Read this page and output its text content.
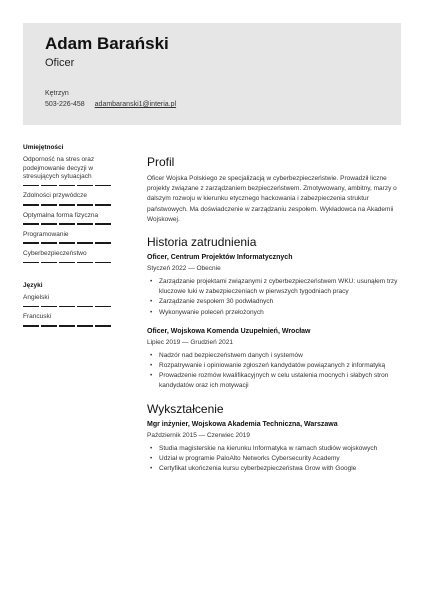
Adam Barański
Oficer
Kętrzyn
503-226-458 adambaranski1@interia.pl
Umiejętności
Odporność na stres oraz podejmowanie decyzji w stresujących sytuacjach
Zdolności przywódcze
Optymalna forma fizyczna
Programowanie
Cyberbezpieczeństwo
Języki
Angielski
Francuski
Profil
Oficer Wojska Polskiego ze specjalizacją w cyberbezpieczeństwie. Prowadził liczne projekty związane z zarządzaniem bezpieczeństwem. Zmotywowany, ambitny, marzy o dalszym rozwoju w kierunku etycznego hackowania i zabezpieczenia struktur państwowych. Ma doświadczenie w zarządzaniu zespołem. Wykładowca na Akademii Wojskowej.
Historia zatrudnienia
Oficer, Centrum Projektów Informatycznych
Styczeń 2022 — Obecnie
• Zarządzanie projektami związanymi z cyberbezpieczeństwem WKU: usunąłem trzy kluczowe luki w zabezpieczeniach w pierwszych tygodniach pracy
• Zarządzanie zespołem 30 podwładnych
• Wykonywanie poleceń przełożonych
Oficer, Wojskowa Komenda Uzupełnień, Wrocław
Lipiec 2019 — Grudzień 2021
• Nadzór nad bezpieczeństwem danych i systemów
• Rozpatrywanie i opiniowanie zgłoszeń kandydatów powiązanych z informatyką
• Prowadzenie rozmów kwalifikacyjnych w celu ustalenia mocnych i słabych stron kandydatów oraz ich motywacji
Wykształcenie
Mgr inżynier, Wojskowa Akademia Techniczna, Warszawa
Październik 2015 — Czerwiec 2019
• Studia magisterskie na kierunku Informatyka w ramach studiów wojskowych
• Udział w programie PaloAlto Networks Cybersecurity Academy
• Certyfikat ukończenia kursu cyberbezpieczeństwa Grow with Google
